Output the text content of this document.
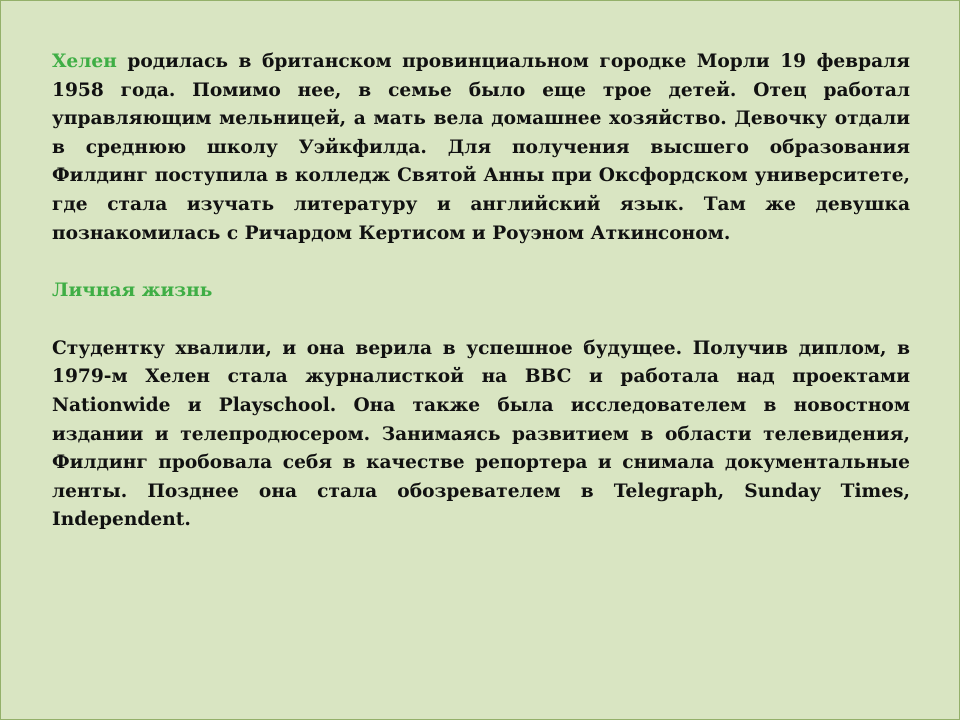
Хелен родилась в британском провинциальном городке Морли 19 февраля 1958 года. Помимо нее, в семье было еще трое детей. Отец работал управляющим мельницей, а мать вела домашнее хозяйство. Девочку отдали в среднюю школу Уэйкфилда. Для получения высшего образования Филдинг поступила в колледж Святой Анны при Оксфордском университете, где стала изучать литературу и английский язык. Там же девушка познакомилась с Ричардом Кертисом и Роуэном Аткинсоном.

Личная жизнь

Студентку хвалили, и она верила в успешное будущее. Получив диплом, в 1979-м Хелен стала журналисткой на BBC и работала над проектами Nationwide и Playschool. Она также была исследователем в новостном издании и телепродюсером. Занимаясь развитием в области телевидения, Филдинг пробовала себя в качестве репортера и снимала документальные ленты. Позднее она стала обозревателем в Telegraph, Sunday Times, Independent.
